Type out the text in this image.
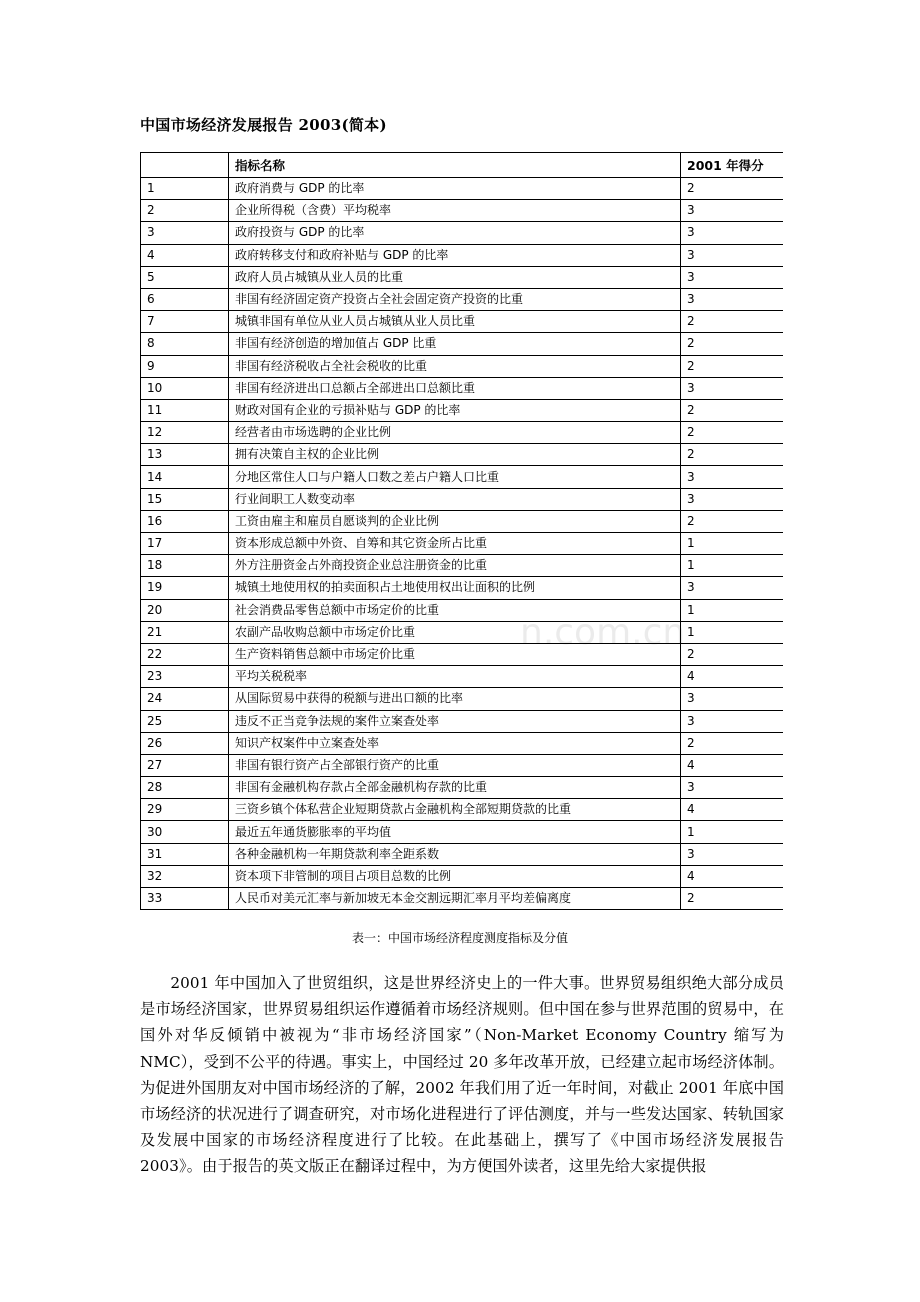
中国市场经济发展报告 2003(简本)
	指标名称	2001 年得分
1	政府消费与 GDP 的比率	2
2	企业所得税（含费）平均税率	3
3	政府投资与 GDP 的比率	3
4	政府转移支付和政府补贴与 GDP 的比率	3
5	政府人员占城镇从业人员的比重	3
6	非国有经济固定资产投资占全社会固定资产投资的比重	3
7	城镇非国有单位从业人员占城镇从业人员比重	2
8	非国有经济创造的增加值占 GDP 比重	2
9	非国有经济税收占全社会税收的比重	2
10	非国有经济进出口总额占全部进出口总额比重	3
11	财政对国有企业的亏损补贴与 GDP 的比率	2
12	经营者由市场选聘的企业比例	2
13	拥有决策自主权的企业比例	2
14	分地区常住人口与户籍人口数之差占户籍人口比重	3
15	行业间职工人数变动率	3
16	工资由雇主和雇员自愿谈判的企业比例	2
17	资本形成总额中外资、自筹和其它资金所占比重	1
18	外方注册资金占外商投资企业总注册资金的比重	1
19	城镇土地使用权的拍卖面积占土地使用权出让面积的比例	3
20	社会消费品零售总额中市场定价的比重	1
21	农副产品收购总额中市场定价比重	1
22	生产资料销售总额中市场定价比重	2
23	平均关税税率	4
24	从国际贸易中获得的税额与进出口额的比率	3
25	违反不正当竞争法规的案件立案查处率	3
26	知识产权案件中立案查处率	2
27	非国有银行资产占全部银行资产的比重	4
28	非国有金融机构存款占全部金融机构存款的比重	3
29	三资乡镇个体私营企业短期贷款占金融机构全部短期贷款的比重	4
30	最近五年通货膨胀率的平均值	1
31	各种金融机构一年期贷款利率全距系数	3
32	资本项下非管制的项目占项目总数的比例	4
33	人民币对美元汇率与新加坡无本金交割远期汇率月平均差偏离度	2
n.com.cn
表一：中国市场经济程度测度指标及分值
2001 年中国加入了世贸组织，这是世界经济史上的一件大事。世界贸易组织绝大部分成员是市场经济国家，世界贸易组织运作遵循着市场经济规则。但中国在参与世界范围的贸易中，在国外对华反倾销中被视为“非市场经济国家”（Non-Market Economy Country 缩写为 NMC），受到不公平的待遇。事实上，中国经过 20 多年改革开放，已经建立起市场经济体制。为促进外国朋友对中国市场经济的了解，2002 年我们用了近一年时间，对截止 2001 年底中国市场经济的状况进行了调查研究，对市场化进程进行了评估测度，并与一些发达国家、转轨国家及发展中国家的市场经济程度进行了比较。在此基础上，撰写了《中国市场经济发展报告 2003》。由于报告的英文版正在翻译过程中，为方便国外读者，这里先给大家提供报
